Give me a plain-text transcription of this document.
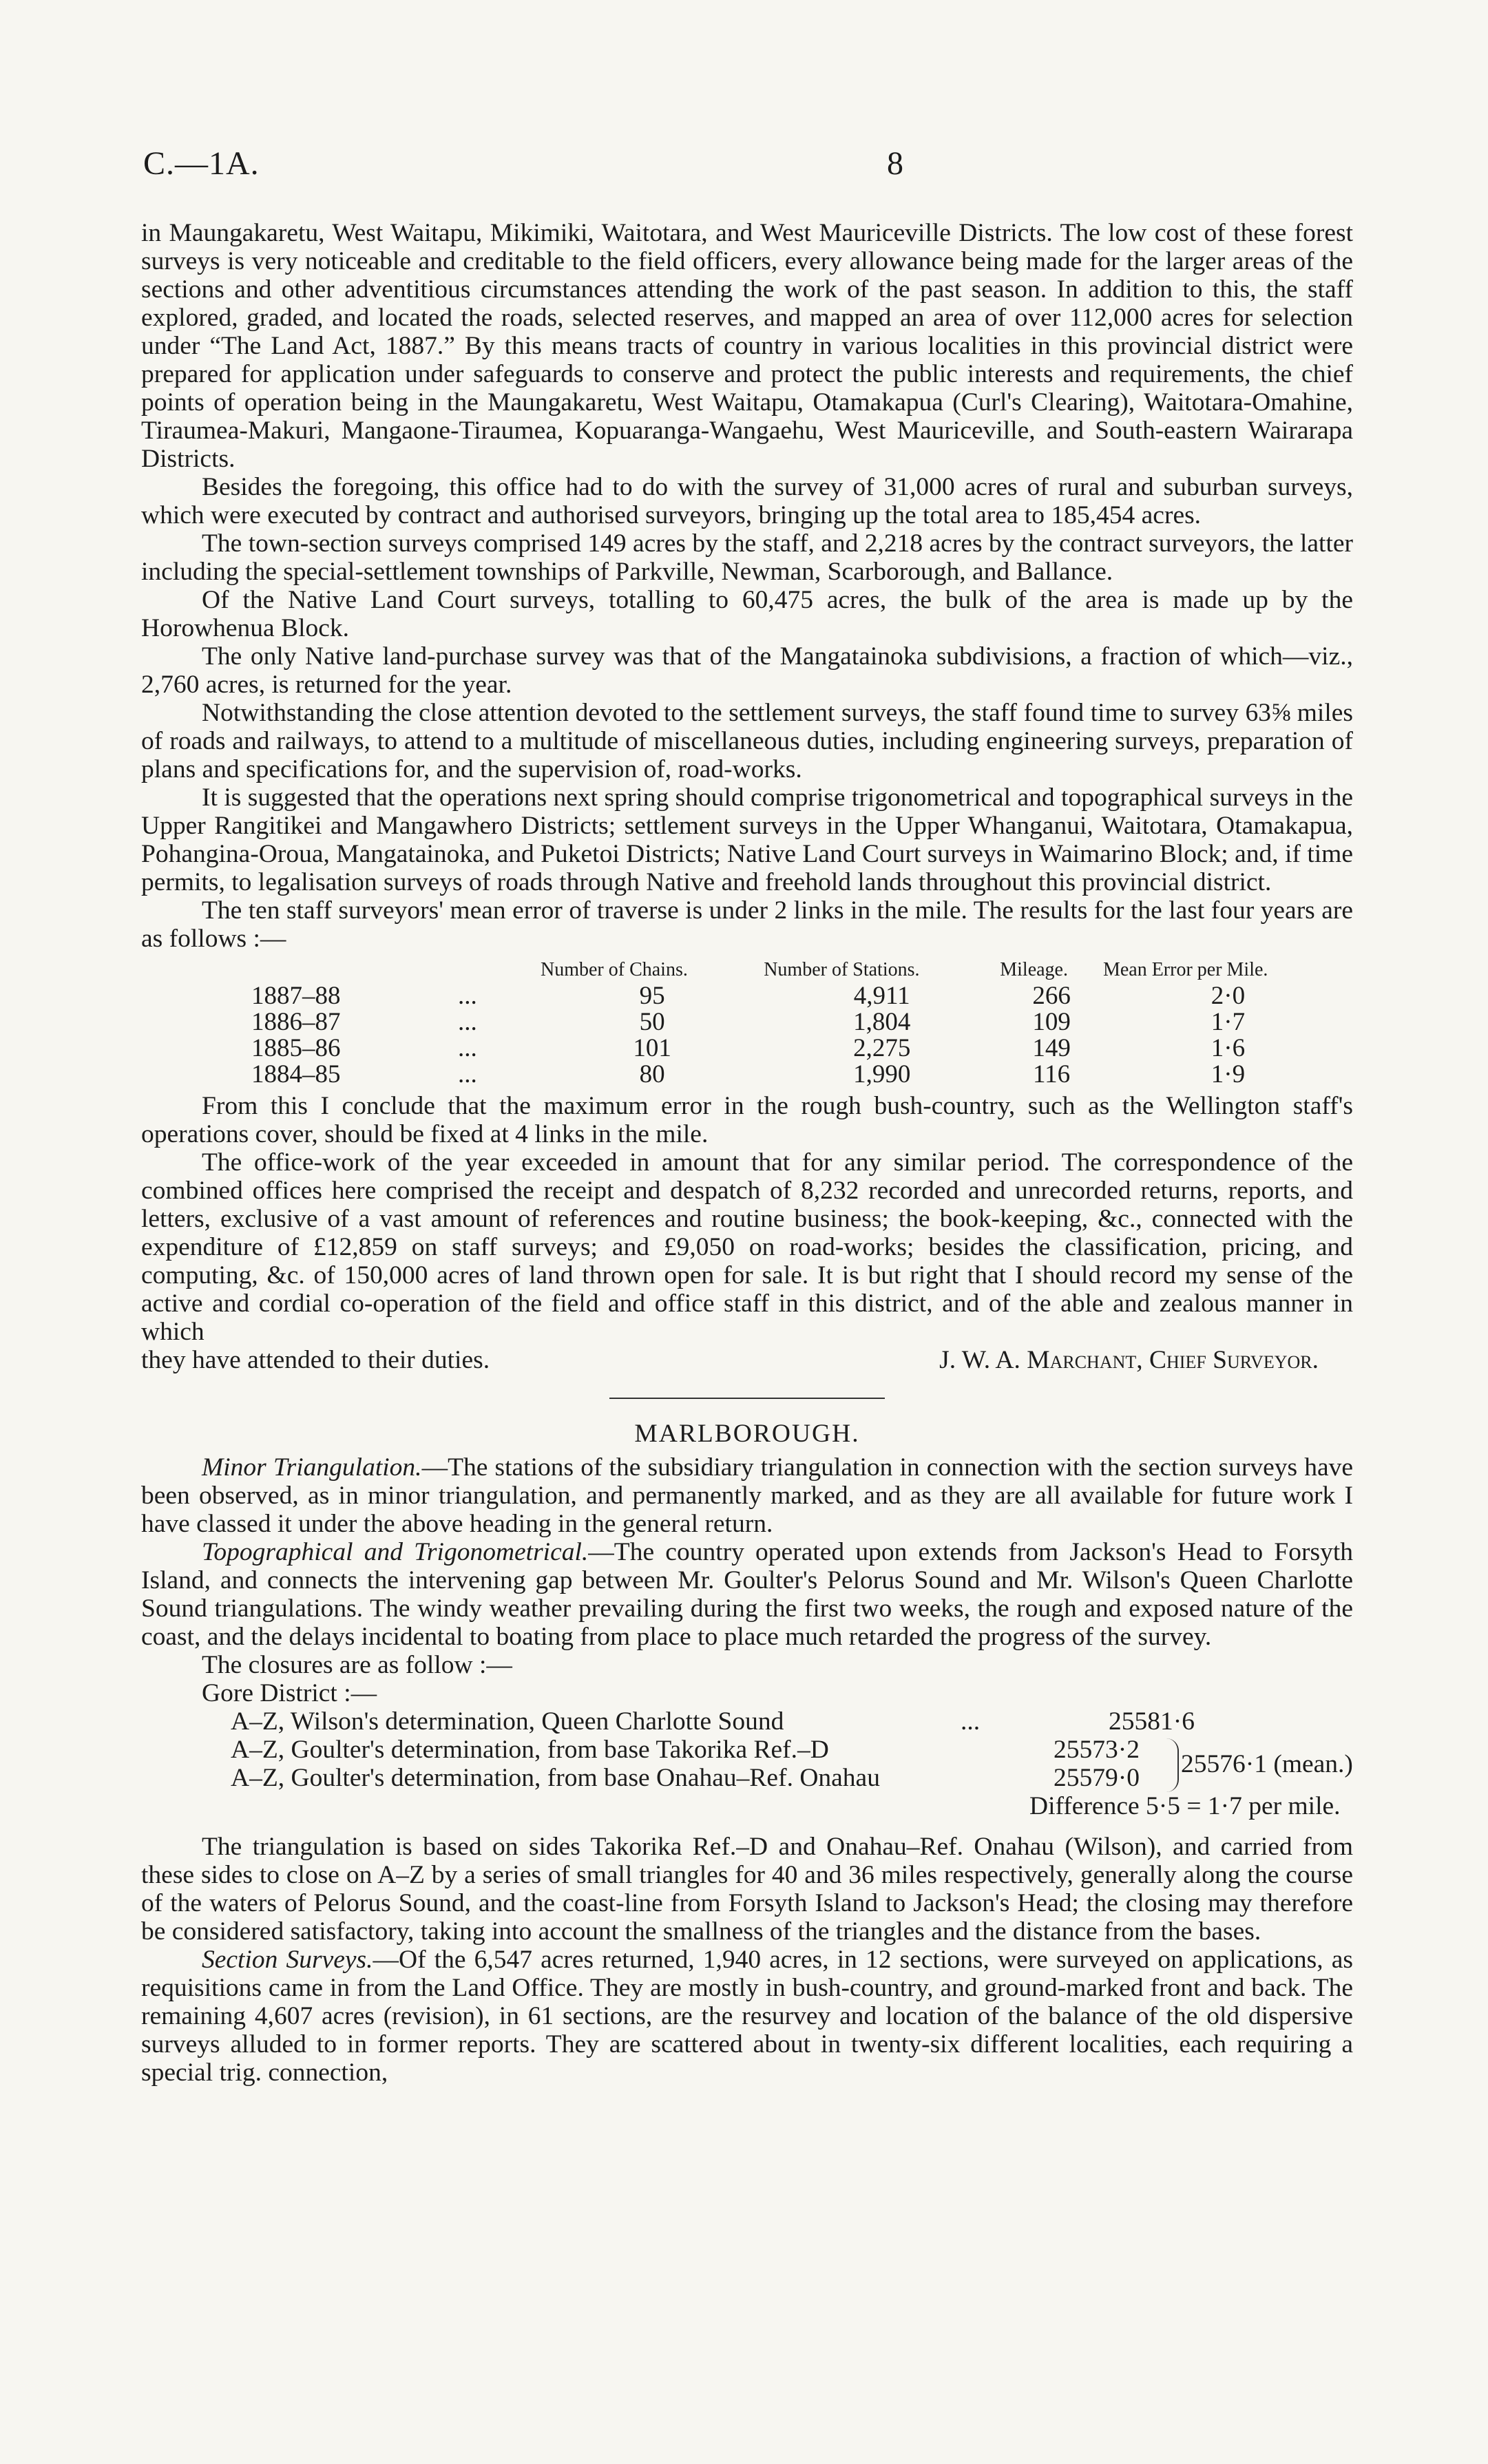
C.—1A.	8

in Maungakaretu, West Waitapu, Mikimiki, Waitotara, and West Mauriceville Districts. The low cost of these forest surveys is very noticeable and creditable to the field officers, every allowance being made for the larger areas of the sections and other adventitious circumstances attending the work of the past season. In addition to this, the staff explored, graded, and located the roads, selected reserves, and mapped an area of over 112,000 acres for selection under “The Land Act, 1887.” By this means tracts of country in various localities in this provincial district were prepared for application under safeguards to conserve and protect the public interests and requirements, the chief points of operation being in the Maungakaretu, West Waitapu, Otamakapua (Curl's Clearing), Waitotara-Omahine, Tiraumea-Makuri, Mangaone-Tiraumea, Kopuaranga-Wangaehu, West Mauriceville, and South-eastern Wairarapa Districts.

Besides the foregoing, this office had to do with the survey of 31,000 acres of rural and suburban surveys, which were executed by contract and authorised surveyors, bringing up the total area to 185,454 acres.

The town-section surveys comprised 149 acres by the staff, and 2,218 acres by the contract surveyors, the latter including the special-settlement townships of Parkville, Newman, Scarborough, and Ballance.

Of the Native Land Court surveys, totalling to 60,475 acres, the bulk of the area is made up by the Horowhenua Block.

The only Native land-purchase survey was that of the Mangatainoka subdivisions, a fraction of which—viz., 2,760 acres, is returned for the year.

Notwithstanding the close attention devoted to the settlement surveys, the staff found time to survey 63⅝ miles of roads and railways, to attend to a multitude of miscellaneous duties, including engineering surveys, preparation of plans and specifications for, and the supervision of, road-works.

It is suggested that the operations next spring should comprise trigonometrical and topographical surveys in the Upper Rangitikei and Mangawhero Districts; settlement surveys in the Upper Whanganui, Waitotara, Otamakapua, Pohangina-Oroua, Mangatainoka, and Puketoi Districts; Native Land Court surveys in Waimarino Block; and, if time permits, to legalisation surveys of roads through Native and freehold lands throughout this provincial district.

The ten staff surveyors' mean error of traverse is under 2 links in the mile. The results for the last four years are as follows :—

		Number of Chains.	Number of Stations.	Mileage.	Mean Error per Mile.
1887–88	...	95	4,911	266	2·0
1886–87	...	50	1,804	109	1·7
1885–86	...	101	2,275	149	1·6
1884–85	...	80	1,990	116	1·9

From this I conclude that the maximum error in the rough bush-country, such as the Wellington staff's operations cover, should be fixed at 4 links in the mile.

The office-work of the year exceeded in amount that for any similar period. The correspondence of the combined offices here comprised the receipt and despatch of 8,232 recorded and unrecorded returns, reports, and letters, exclusive of a vast amount of references and routine business; the book-keeping, &c., connected with the expenditure of £12,859 on staff surveys; and £9,050 on road-works; besides the classification, pricing, and computing, &c. of 150,000 acres of land thrown open for sale. It is but right that I should record my sense of the active and cordial co-operation of the field and office staff in this district, and of the able and zealous manner in which

they have attended to their duties.	J. W. A. Marchant, Chief Surveyor.

MARLBOROUGH.

Minor Triangulation.—The stations of the subsidiary triangulation in connection with the section surveys have been observed, as in minor triangulation, and permanently marked, and as they are all available for future work I have classed it under the above heading in the general return.

Topographical and Trigonometrical.—The country operated upon extends from Jackson's Head to Forsyth Island, and connects the intervening gap between Mr. Goulter's Pelorus Sound and Mr. Wilson's Queen Charlotte Sound triangulations. The windy weather prevailing during the first two weeks, the rough and exposed nature of the coast, and the delays incidental to boating from place to place much retarded the progress of the survey.

The closures are as follow :—
Gore District :—
A–Z, Wilson's determination, Queen Charlotte Sound	...	25581·6
A–Z, Goulter's determination, from base Takorika Ref.–D	25573·2
A–Z, Goulter's determination, from base Onahau–Ref. Onahau	25579·0 25576·1 (mean.)
Difference 5·5 = 1·7 per mile.

The triangulation is based on sides Takorika Ref.–D and Onahau–Ref. Onahau (Wilson), and carried from these sides to close on A–Z by a series of small triangles for 40 and 36 miles respectively, generally along the course of the waters of Pelorus Sound, and the coast-line from Forsyth Island to Jackson's Head; the closing may therefore be considered satisfactory, taking into account the smallness of the triangles and the distance from the bases.

Section Surveys.—Of the 6,547 acres returned, 1,940 acres, in 12 sections, were surveyed on applications, as requisitions came in from the Land Office. They are mostly in bush-country, and ground-marked front and back. The remaining 4,607 acres (revision), in 61 sections, are the resurvey and location of the balance of the old dispersive surveys alluded to in former reports. They are scattered about in twenty-six different localities, each requiring a special trig. connection,
